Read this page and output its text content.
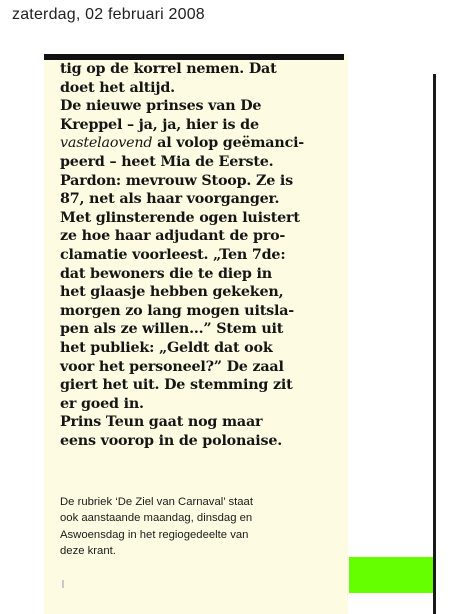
zaterdag, 02 februari 2008
tig op de korrel nemen. Dat
doet het altijd.
De nieuwe prinses van De
Kreppel – ja, ja, hier is de
vastelaovend al volop geëmanci-
peerd – heet Mia de Eerste.
Pardon: mevrouw Stoop. Ze is
87, net als haar voorganger.
Met glinsterende ogen luistert
ze hoe haar adjudant de pro-
clamatie voorleest. „Ten 7de:
dat bewoners die te diep in
het glaasje hebben gekeken,
morgen zo lang mogen uitsla-
pen als ze willen...” Stem uit
het publiek: „Geldt dat ook
voor het personeel?” De zaal
giert het uit. De stemming zit
er goed in.
Prins Teun gaat nog maar
eens voorop in de polonaise.
De rubriek ‘De Ziel van Carnaval’ staat
ook aanstaande maandag, dinsdag en
Aswoensdag in het regiogedeelte van
deze krant.
